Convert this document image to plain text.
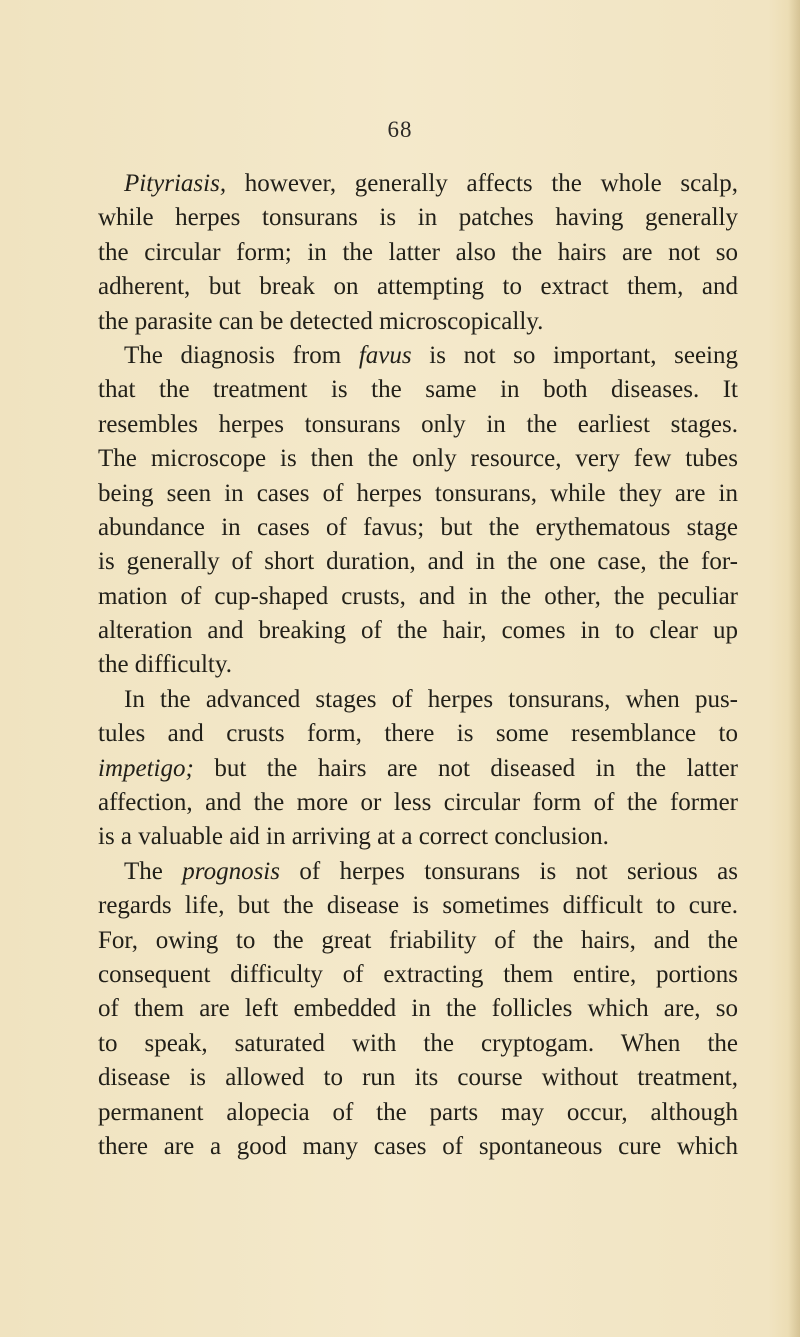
68
Pityriasis, however, generally affects the whole scalp,
while herpes tonsurans is in patches having generally
the circular form; in the latter also the hairs are not so
adherent, but break on attempting to extract them, and
the parasite can be detected microscopically.
The diagnosis from favus is not so important, seeing
that the treatment is the same in both diseases. It
resembles herpes tonsurans only in the earliest stages.
The microscope is then the only resource, very few tubes
being seen in cases of herpes tonsurans, while they are in
abundance in cases of favus; but the erythematous stage
is generally of short duration, and in the one case, the for-
mation of cup-shaped crusts, and in the other, the peculiar
alteration and breaking of the hair, comes in to clear up
the difficulty.
In the advanced stages of herpes tonsurans, when pus-
tules and crusts form, there is some resemblance to
impetigo; but the hairs are not diseased in the latter
affection, and the more or less circular form of the former
is a valuable aid in arriving at a correct conclusion.
The prognosis of herpes tonsurans is not serious as
regards life, but the disease is sometimes difficult to cure.
For, owing to the great friability of the hairs, and the
consequent difficulty of extracting them entire, portions
of them are left embedded in the follicles which are, so
to speak, saturated with the cryptogam. When the
disease is allowed to run its course without treatment,
permanent alopecia of the parts may occur, although
there are a good many cases of spontaneous cure which
